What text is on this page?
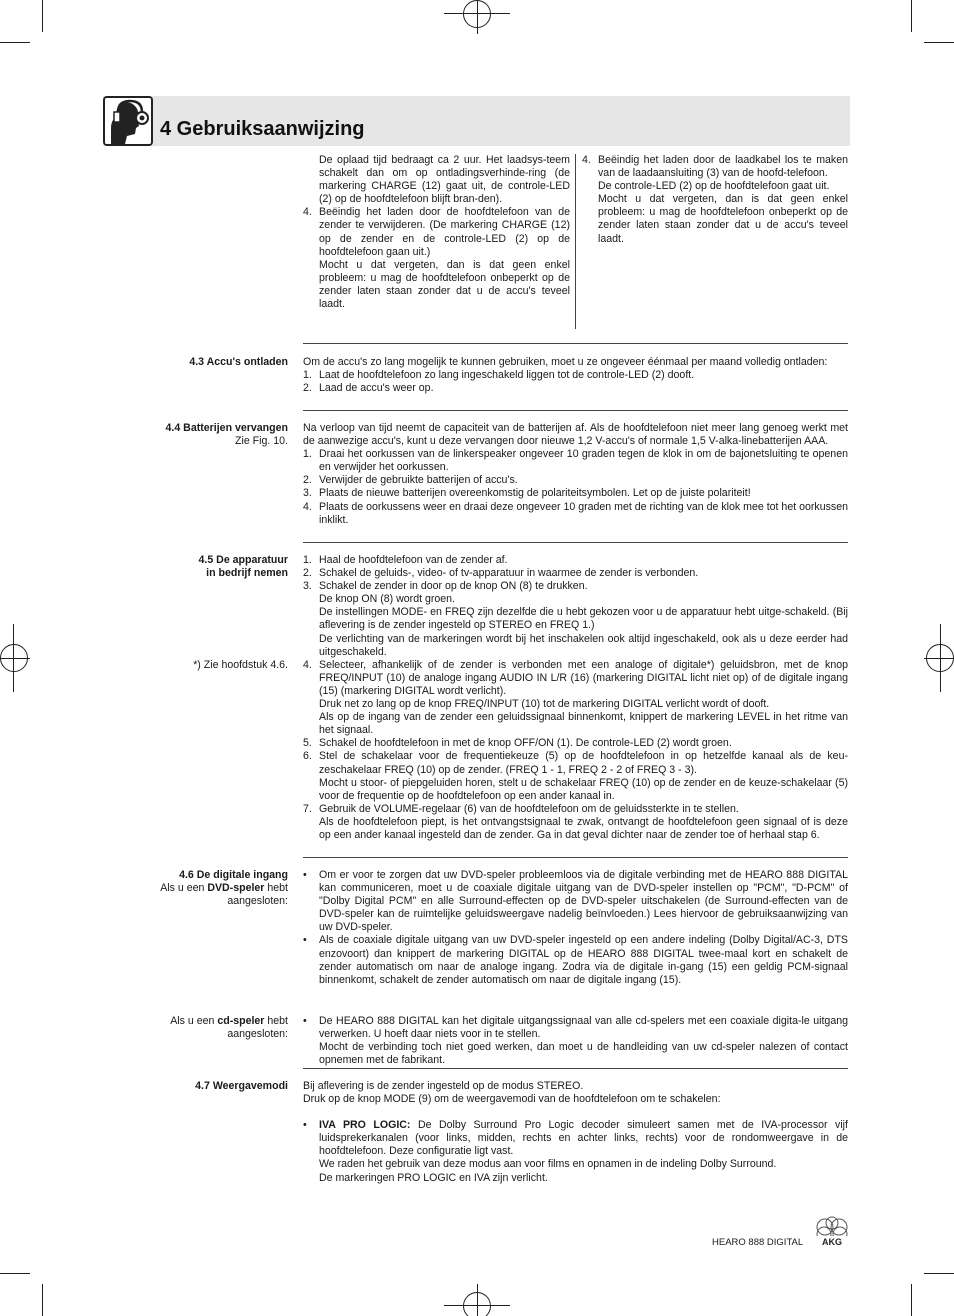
4 Gebruiksaanwijzing
De oplaad tijd bedraagt ca 2 uur. Het laadsys-teem schakelt dan om op ontladingsverhinde-ring (de markering CHARGE (12) gaat uit, de controle-LED (2) op de hoofdtelefoon blijft bran-den).
4. Beëindig het laden door de hoofdtelefoon van de zender te verwijderen. (De markering CHARGE (12) op de zender en de controle-LED (2) op de hoofdtelefoon gaan uit.)
Mocht u dat vergeten, dan is dat geen enkel probleem: u mag de hoofdtelefoon onbeperkt op de zender laten staan zonder dat u de accu's teveel laadt.
4. Beëindig het laden door de laadkabel los te maken van de laadaansluiting (3) van de hoofd-telefoon.
De controle-LED (2) op de hoofdtelefoon gaat uit.
Mocht u dat vergeten, dan is dat geen enkel probleem: u mag de hoofdtelefoon onbeperkt op de zender laten staan zonder dat u de accu's teveel laadt.
4.3 Accu's ontladen Om de accu's zo lang mogelijk te kunnen gebruiken, moet u ze ongeveer éénmaal per maand volledig ontladen:
1. Laat de hoofdtelefoon zo lang ingeschakeld liggen tot de controle-LED (2) dooft.
2. Laad de accu's weer op.
4.4 Batterijen vervangen
Zie Fig. 10.
Na verloop van tijd neemt de capaciteit van de batterijen af. Als de hoofdtelefoon niet meer lang genoeg werkt met de aanwezige accu's, kunt u deze vervangen door nieuwe 1,2 V-accu's of normale 1,5 V-alka-linebatterijen AAA.
1. Draai het oorkussen van de linkerspeaker ongeveer 10 graden tegen de klok in om de bajonetsluiting te openen en verwijder het oorkussen.
2. Verwijder de gebruikte batterijen of accu's.
3. Plaats de nieuwe batterijen overeenkomstig de polariteitsymbolen. Let op de juiste polariteit!
4. Plaats de oorkussens weer en draai deze ongeveer 10 graden met de richting van de klok mee tot het oorkussen inklikt.
4.5 De apparatuur
in bedrijf nemen
*) Zie hoofdstuk 4.6.
1. Haal de hoofdtelefoon van de zender af.
2. Schakel de geluids-, video- of tv-apparatuur in waarmee de zender is verbonden.
3. Schakel de zender in door op de knop ON (8) te drukken.
De knop ON (8) wordt groen.
De instellingen MODE- en FREQ zijn dezelfde die u hebt gekozen voor u de apparatuur hebt uitge-schakeld. (Bij aflevering is de zender ingesteld op STEREO en FREQ 1.)
De verlichting van de markeringen wordt bij het inschakelen ook altijd ingeschakeld, ook als u deze eerder had uitgeschakeld.
4. Selecteer, afhankelijk of de zender is verbonden met een analoge of digitale*) geluidsbron, met de knop FREQ/INPUT (10) de analoge ingang AUDIO IN L/R (16) (markering DIGITAL licht niet op) of de digitale ingang (15) (markering DIGITAL wordt verlicht).
Druk net zo lang op de knop FREQ/INPUT (10) tot de markering DIGITAL verlicht wordt of dooft.
Als op de ingang van de zender een geluidssignaal binnenkomt, knippert de markering LEVEL in het ritme van het signaal.
5. Schakel de hoofdtelefoon in met de knop OFF/ON (1). De controle-LED (2) wordt groen.
6. Stel de schakelaar voor de frequentiekeuze (5) op de hoofdtelefoon in op hetzelfde kanaal als de keu-zeschakelaar FREQ (10) op de zender. (FREQ 1 - 1, FREQ 2 - 2 of FREQ 3 - 3).
Mocht u stoor- of piepgeluiden horen, stelt u de schakelaar FREQ (10) op de zender en de keuze-schakelaar (5) voor de frequentie op de hoofdtelefoon op een ander kanaal in.
7. Gebruik de VOLUME-regelaar (6) van de hoofdtelefoon om de geluidssterkte in te stellen.
Als de hoofdtelefoon piept, is het ontvangstsignaal te zwak, ontvangt de hoofdtelefoon geen signaal of is deze op een ander kanaal ingesteld dan de zender. Ga in dat geval dichter naar de zender toe of herhaal stap 6.
4.6 De digitale ingang
Als u een DVD-speler hebt
aangesloten:
• Om er voor te zorgen dat uw DVD-speler probleemloos via de digitale verbinding met de HEARO 888 DIGITAL kan communiceren, moet u de coaxiale digitale uitgang van de DVD-speler instellen op "PCM", "D-PCM" of "Dolby Digital PCM" en alle Surround-effecten op de DVD-speler uitschakelen (de Surround-effecten van de DVD-speler kan de ruimtelijke geluidsweergave nadelig beïnvloeden.) Lees hiervoor de gebruiksaanwijzing van uw DVD-speler.
• Als de coaxiale digitale uitgang van uw DVD-speler ingesteld op een andere indeling (Dolby Digital/AC-3, DTS enzovoort) dan knippert de markering DIGITAL op de HEARO 888 DIGITAL twee-maal kort en schakelt de zender automatisch om naar de analoge ingang. Zodra via de digitale in-gang (15) een geldig PCM-signaal binnenkomt, schakelt de zender automatisch om naar de digitale ingang (15).
Als u een cd-speler hebt
aangesloten:
• De HEARO 888 DIGITAL kan het digitale uitgangssignaal van alle cd-spelers met een coaxiale digita-le uitgang verwerken. U hoeft daar niets voor in te stellen.
Mocht de verbinding toch niet goed werken, dan moet u de handleiding van uw cd-speler nalezen of contact opnemen met de fabrikant.
4.7 Weergavemodi Bij aflevering is de zender ingesteld op de modus STEREO.
Druk op de knop MODE (9) om de weergavemodi van de hoofdtelefoon om te schakelen:
• IVA PRO LOGIC: De Dolby Surround Pro Logic decoder simuleert samen met de IVA-processor vijf luidsprekerkanalen (voor links, midden, rechts en achter links, rechts) voor de rondomweergave in de hoofdtelefoon. Deze configuratie ligt vast.
We raden het gebruik van deze modus aan voor films en opnamen in de indeling Dolby Surround.
De markeringen PRO LOGIC en IVA zijn verlicht.
HEARO 888 DIGITAL AKG
